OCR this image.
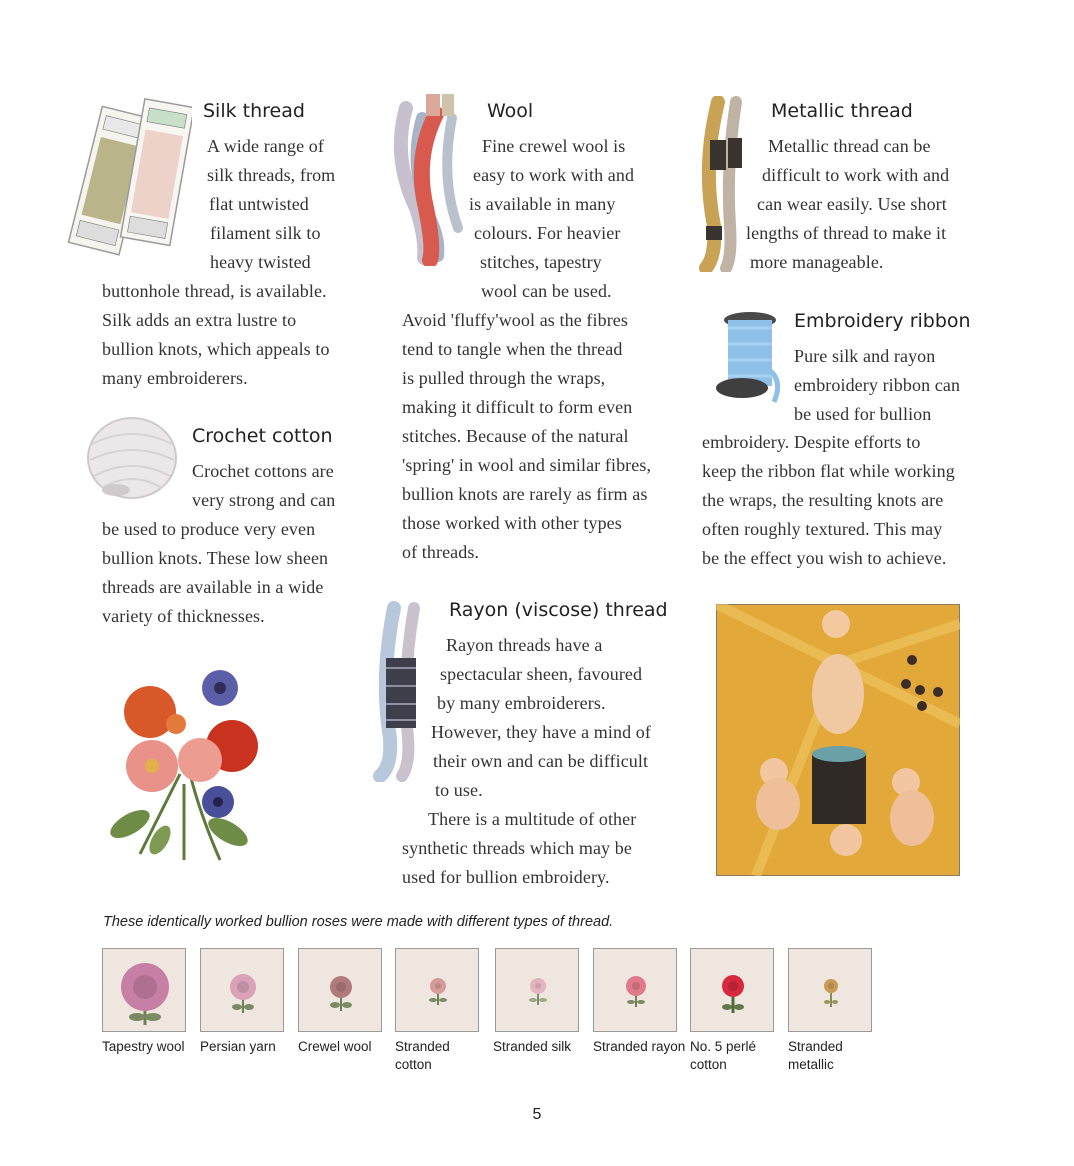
Silk thread
A wide range of
silk threads, from
flat untwisted
filament silk to
heavy twisted
buttonhole thread, is available.
Silk adds an extra lustre to
bullion knots, which appeals to
many embroiderers.
Crochet cotton
Crochet cottons are
very strong and can
be used to produce very even
bullion knots. These low sheen
threads are available in a wide
variety of thicknesses.
Wool
Fine crewel wool is
easy to work with and
is available in many
colours. For heavier
stitches, tapestry
wool can be used.
Avoid 'fluffy'wool as the fibres
tend to tangle when the thread
is pulled through the wraps,
making it difficult to form even
stitches. Because of the natural
'spring' in wool and similar fibres,
bullion knots are rarely as firm as
those worked with other types
of threads.
Rayon (viscose) thread
Rayon threads have a
spectacular sheen, favoured
by many embroiderers.
However, they have a mind of
their own and can be difficult
to use.
There is a multitude of other
synthetic threads which may be
used for bullion embroidery.
Metallic thread
Metallic thread can be
difficult to work with and
can wear easily. Use short
lengths of thread to make it
more manageable.
Embroidery ribbon
Pure silk and rayon
embroidery ribbon can
be used for bullion
embroidery. Despite efforts to
keep the ribbon flat while working
the wraps, the resulting knots are
often roughly textured. This may
be the effect you wish to achieve.
These identically worked bullion roses were made with different types of thread.
Tapestry wool	Persian yarn	Crewel wool	Stranded
cotton
Stranded silk	Stranded rayon No. 5 perlé
cotton
Stranded
metallic
5
